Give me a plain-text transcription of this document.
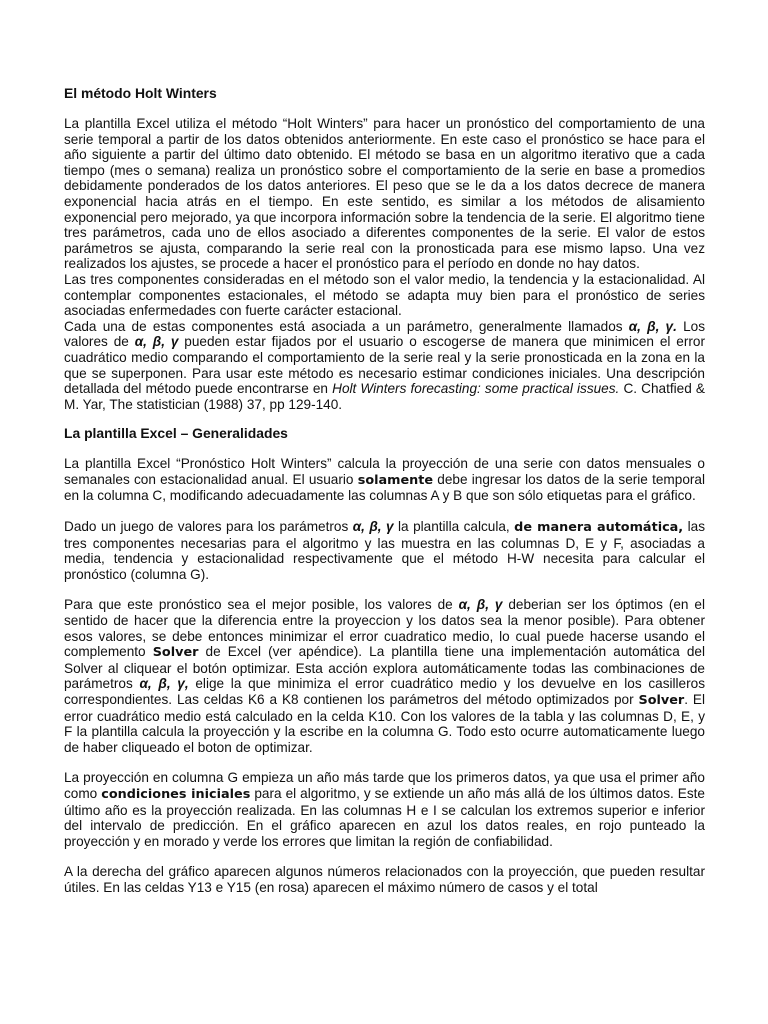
El método Holt Winters

La plantilla Excel utiliza el método “Holt Winters” para hacer un pronóstico del comportamiento de una serie temporal a partir de los datos obtenidos anteriormente. En este caso el pronóstico se hace para el año siguiente a partir del último dato obtenido. El método se basa en un algoritmo iterativo que a cada tiempo (mes o semana) realiza un pronóstico sobre el comportamiento de la serie en base a promedios debidamente ponderados de los datos anteriores. El peso que se le da a los datos decrece de manera exponencial hacia atrás en el tiempo. En este sentido, es similar a los métodos de alisamiento exponencial pero mejorado, ya que incorpora información sobre la tendencia de la serie. El algoritmo tiene tres parámetros, cada uno de ellos asociado a diferentes componentes de la serie. El valor de estos parámetros se ajusta, comparando la serie real con la pronosticada para ese mismo lapso. Una vez realizados los ajustes, se procede a hacer el pronóstico para el período en donde no hay datos.

Las tres componentes consideradas en el método son el valor medio, la tendencia y la estacionalidad. Al contemplar componentes estacionales, el método se adapta muy bien para el pronóstico de series asociadas enfermedades con fuerte carácter estacional.

Cada una de estas componentes está asociada a un parámetro, generalmente llamados α, β, γ. Los valores de α, β, γ pueden estar fijados por el usuario o escogerse de manera que minimicen el error cuadrático medio comparando el comportamiento de la serie real y la serie pronosticada en la zona en la que se superponen. Para usar este método es necesario estimar condiciones iniciales. Una descripción detallada del método puede encontrarse en Holt Winters forecasting: some practical issues. C. Chatfied & M. Yar, The statistician (1988) 37, pp 129-140.

La plantilla Excel – Generalidades

La plantilla Excel “Pronóstico Holt Winters” calcula la proyección de una serie con datos mensuales o semanales con estacionalidad anual. El usuario solamente debe ingresar los datos de la serie temporal en la columna C, modificando adecuadamente las columnas A y B que son sólo etiquetas para el gráfico.

Dado un juego de valores para los parámetros α, β, γ la plantilla calcula, de manera automática, las tres componentes necesarias para el algoritmo y las muestra en las columnas D, E y F, asociadas a media, tendencia y estacionalidad respectivamente que el método H-W necesita para calcular el pronóstico (columna G).

Para que este pronóstico sea el mejor posible, los valores de α, β, γ deberian ser los óptimos (en el sentido de hacer que la diferencia entre la proyeccion y los datos sea la menor posible). Para obtener esos valores, se debe entonces minimizar el error cuadratico medio, lo cual puede hacerse usando el complemento Solver de Excel (ver apéndice). La plantilla tiene una implementación automática del Solver al cliquear el botón optimizar. Esta acción explora automáticamente todas las combinaciones de parámetros α, β, γ, elige la que minimiza el error cuadrático medio y los devuelve en los casilleros correspondientes. Las celdas K6 a K8 contienen los parámetros del método optimizados por Solver. El error cuadrático medio está calculado en la celda K10. Con los valores de la tabla y las columnas D, E, y F la plantilla calcula la proyección y la escribe en la columna G. Todo esto ocurre automaticamente luego de haber cliqueado el boton de optimizar.

La proyección en columna G empieza un año más tarde que los primeros datos, ya que usa el primer año como condiciones iniciales para el algoritmo, y se extiende un año más allá de los últimos datos. Este último año es la proyección realizada. En las columnas H e I se calculan los extremos superior e inferior del intervalo de predicción. En el gráfico aparecen en azul los datos reales, en rojo punteado la proyección y en morado y verde los errores que limitan la región de confiabilidad.

A la derecha del gráfico aparecen algunos números relacionados con la proyección, que pueden resultar útiles. En las celdas Y13 e Y15 (en rosa) aparecen el máximo número de casos y el total
